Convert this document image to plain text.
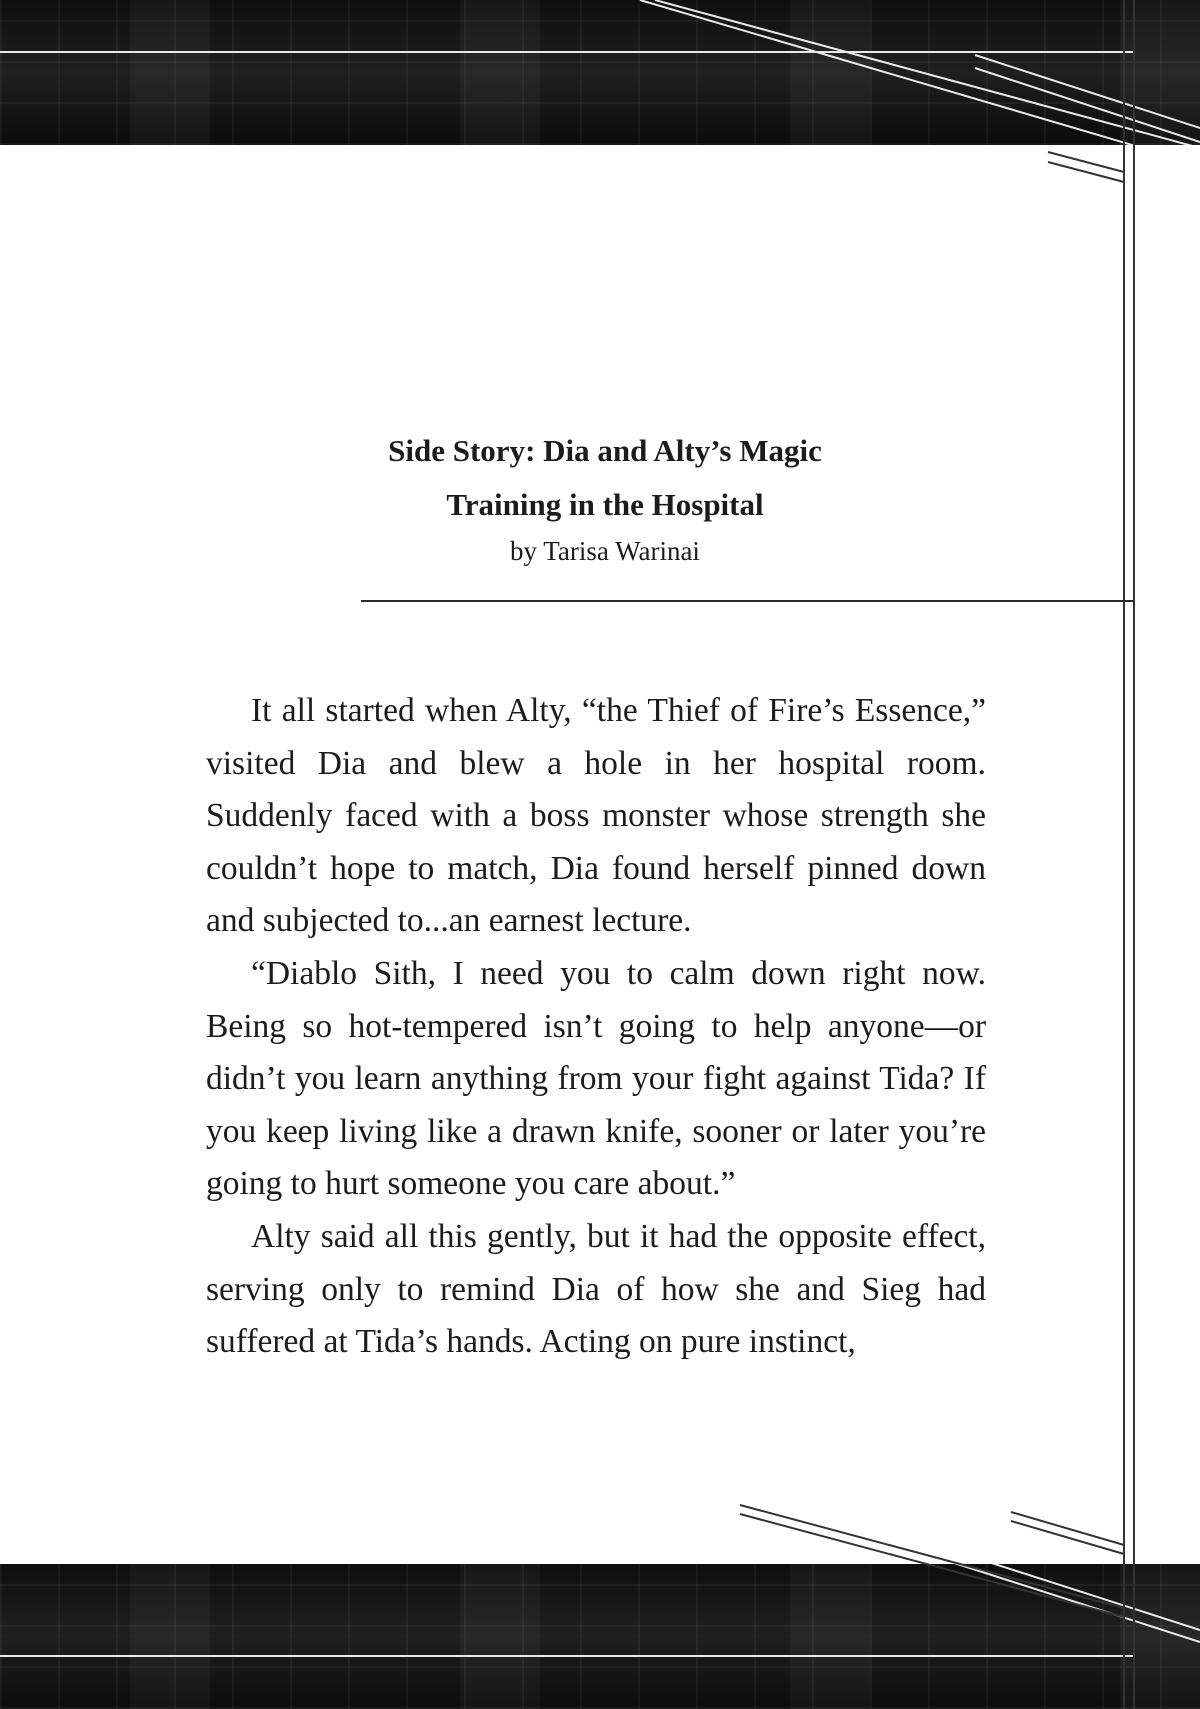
Side Story: Dia and Alty’s Magic
Training in the Hospital
by Tarisa Warinai

It all started when Alty, “the Thief of Fire’s Essence,” visited Dia and blew a hole in her hospital room. Suddenly faced with a boss monster whose strength she couldn’t hope to match, Dia found herself pinned down and subjected to...an earnest lecture.

“Diablo Sith, I need you to calm down right now. Being so hot-tempered isn’t going to help anyone—or didn’t you learn anything from your fight against Tida? If you keep living like a drawn knife, sooner or later you’re going to hurt someone you care about.”

Alty said all this gently, but it had the opposite effect, serving only to remind Dia of how she and Sieg had suffered at Tida’s hands. Acting on pure instinct,
